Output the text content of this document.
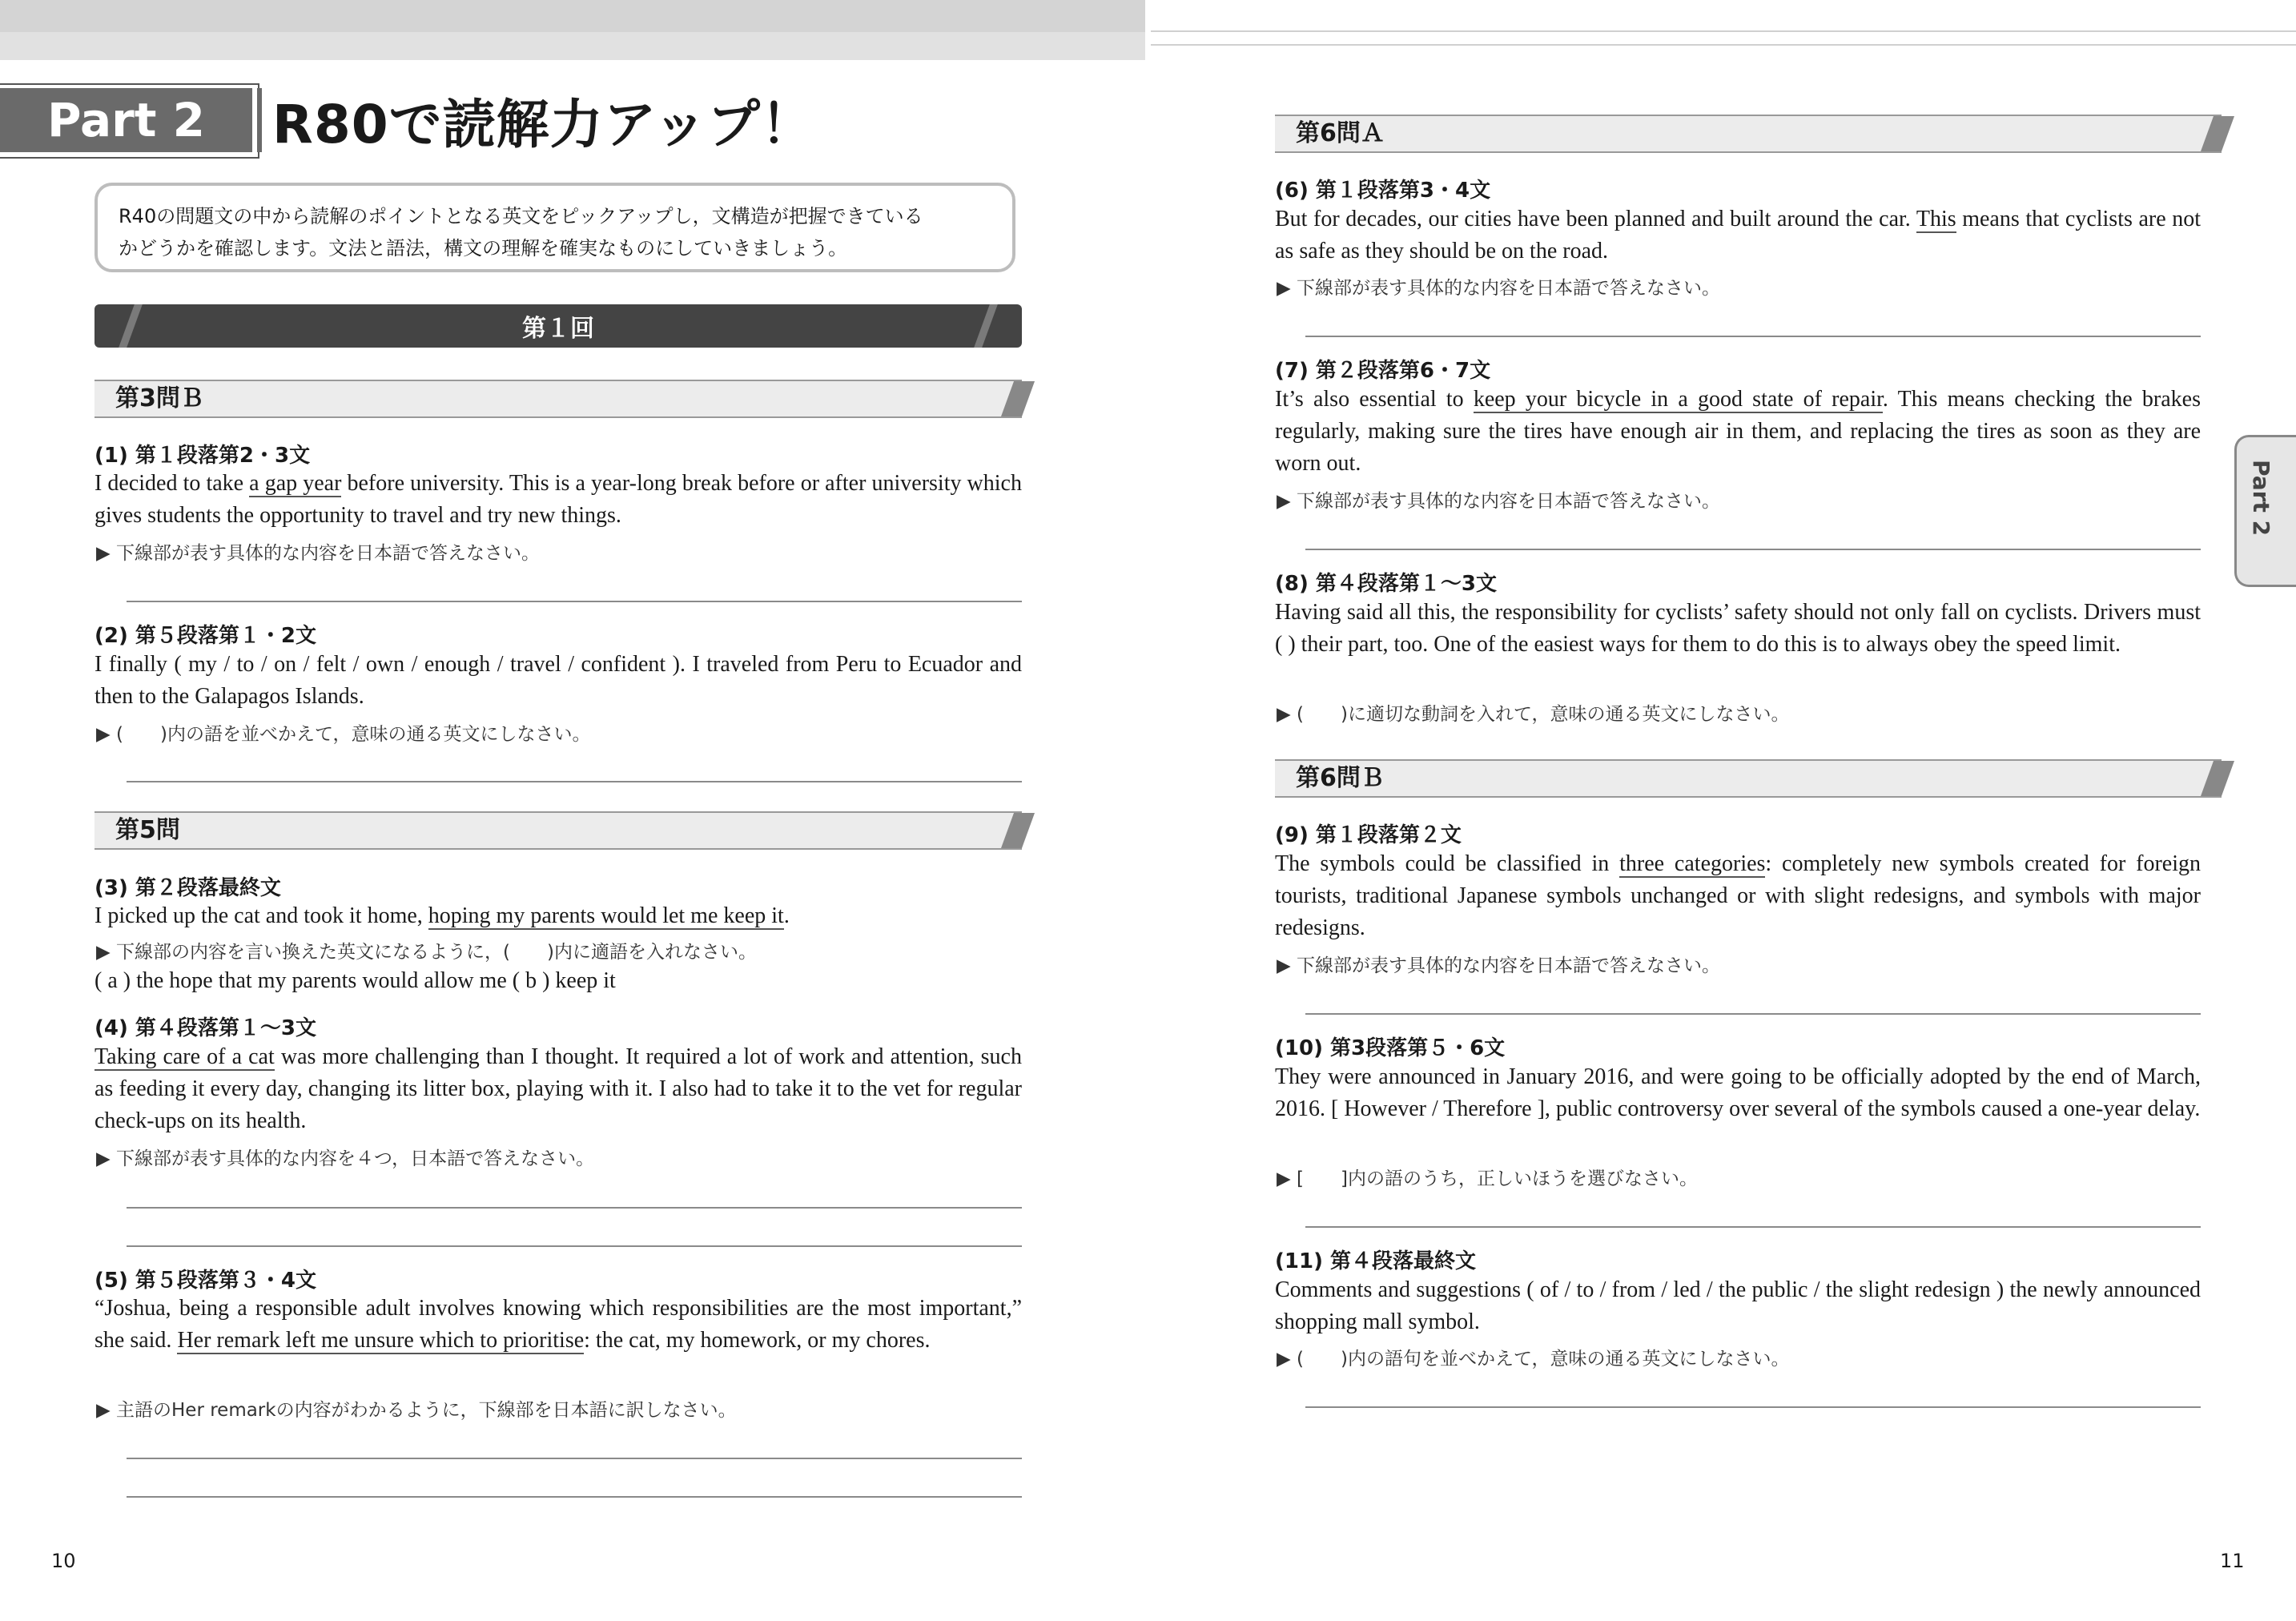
Part 2	R80で読解力アップ！
R40の問題文の中から読解のポイントとなる英文をピックアップし，文構造が把握できている
かどうかを確認します。文法と語法，構文の理解を確実なものにしていきましょう。
第１回
第3問Ｂ
(1) 第１段落第2・3文
I decided to take a gap year before university. This is a year-long break before or after university which gives students the opportunity to travel and try new things.
▶ 下線部が表す具体的な内容を日本語で答えなさい。
(2) 第５段落第１・2文
I finally ( my / to / on / felt / own / enough / travel / confident ). I traveled from Peru to Ecuador and then to the Galapagos Islands.
▶ (　　)内の語を並べかえて，意味の通る英文にしなさい。
第5問
(3) 第２段落最終文
I picked up the cat and took it home, hoping my parents would let me keep it.
▶ 下線部の内容を言い換えた英文になるように，(　　)内に適語を入れなさい。
( a ) the hope that my parents would allow me ( b ) keep it
(4) 第４段落第１～3文
Taking care of a cat was more challenging than I thought. It required a lot of work and attention, such as feeding it every day, changing its litter box, playing with it. I also had to take it to the vet for regular check-ups on its health.
▶ 下線部が表す具体的な内容を４つ，日本語で答えなさい。
(5) 第５段落第３・4文
“Joshua, being a responsible adult involves knowing which responsibilities are the most important,” she said. Her remark left me unsure which to prioritise: the cat, my homework, or my chores.
▶ 主語のHer remarkの内容がわかるように，下線部を日本語に訳しなさい。
10
第6問Ａ
(6) 第１段落第3・4文
But for decades, our cities have been planned and built around the car. This means that cyclists are not as safe as they should be on the road.
▶ 下線部が表す具体的な内容を日本語で答えなさい。
(7) 第２段落第6・7文
It’s also essential to keep your bicycle in a good state of repair. This means checking the brakes regularly, making sure the tires have enough air in them, and replacing the tires as soon as they are worn out.
▶ 下線部が表す具体的な内容を日本語で答えなさい。
(8) 第４段落第１～3文
Having said all this, the responsibility for cyclists’ safety should not only fall on cyclists. Drivers must ( ) their part, too. One of the easiest ways for them to do this is to always obey the speed limit.
▶ (　　)に適切な動詞を入れて，意味の通る英文にしなさい。
第6問Ｂ
(9) 第１段落第２文
The symbols could be classified in three categories: completely new symbols created for foreign tourists, traditional Japanese symbols unchanged or with slight redesigns, and symbols with major redesigns.
▶ 下線部が表す具体的な内容を日本語で答えなさい。
(10) 第3段落第５・6文
They were announced in January 2016, and were going to be officially adopted by the end of March, 2016. [ However / Therefore ], public controversy over several of the symbols caused a one-year delay.
▶ [　　]内の語のうち，正しいほうを選びなさい。
(11) 第４段落最終文
Comments and suggestions ( of / to / from / led / the public / the slight redesign ) the newly announced shopping mall symbol.
▶ (　　)内の語句を並べかえて，意味の通る英文にしなさい。
11
Part 2
